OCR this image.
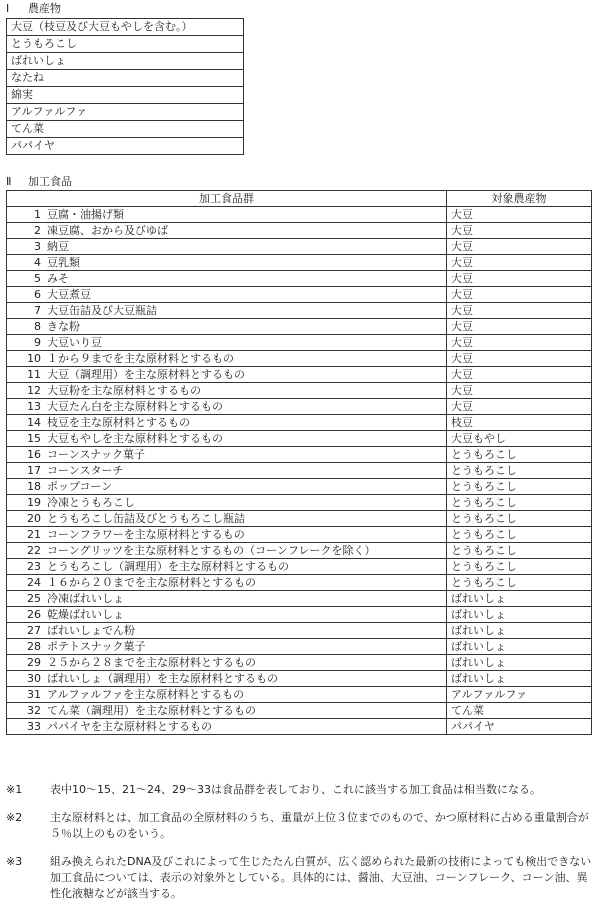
Ⅰ 農産物
大豆（枝豆及び大豆もやしを含む。）
とうもろこし
ばれいしょ
なたね
綿実
アルファルファ
てん菜
パパイヤ
Ⅱ 加工食品
加工食品群		対象農産物
1	豆腐・油揚げ類	大豆
2	凍豆腐、おから及びゆば	大豆
3	納豆	大豆
4	豆乳類	大豆
5	みそ	大豆
6	大豆煮豆	大豆
7	大豆缶詰及び大豆瓶詰	大豆
8	きな粉	大豆
9	大豆いり豆	大豆
10	１から９までを主な原材料とするもの	大豆
11	大豆（調理用）を主な原材料とするもの	大豆
12	大豆粉を主な原材料とするもの	大豆
13	大豆たん白を主な原材料とするもの	大豆
14	枝豆を主な原材料とするもの	枝豆
15	大豆もやしを主な原材料とするもの	大豆もやし
16	コーンスナック菓子	とうもろこし
17	コーンスターチ	とうもろこし
18	ポップコーン	とうもろこし
19	冷凍とうもろこし	とうもろこし
20	とうもろこし缶詰及びとうもろこし瓶詰	とうもろこし
21	コーンフラワーを主な原材料とするもの	とうもろこし
22	コーングリッツを主な原材料とするもの（コーンフレークを除く）	とうもろこし
23	とうもろこし（調理用）を主な原材料とするもの	とうもろこし
24	１６から２０までを主な原材料とするもの	とうもろこし
25	冷凍ばれいしょ	ばれいしょ
26	乾燥ばれいしょ	ばれいしょ
27	ばれいしょでん粉	ばれいしょ
28	ポテトスナック菓子	ばれいしょ
29	２５から２８までを主な原材料とするもの	ばれいしょ
30	ばれいしょ（調理用）を主な原材料とするもの	ばれいしょ
31	アルファルファを主な原材料とするもの	アルファルファ
32	てん菜（調理用）を主な原材料とするもの	てん菜
33	パパイヤを主な原材料とするもの	パパイヤ
※1	表中10～15、21～24、29～33は食品群を表しており、これに該当する加工食品は相当数になる。
※2	主な原材料とは、加工食品の全原材料のうち、重量が上位３位までのもので、かつ原材料に占める重量割合が５％以上のものをいう。
※3	組み換えられたDNA及びこれによって生じたたん白質が、広く認められた最新の技術によっても検出できない加工食品については、表示の対象外としている。具体的には、醤油、大豆油、コーンフレーク、コーン油、異性化液糖などが該当する。
